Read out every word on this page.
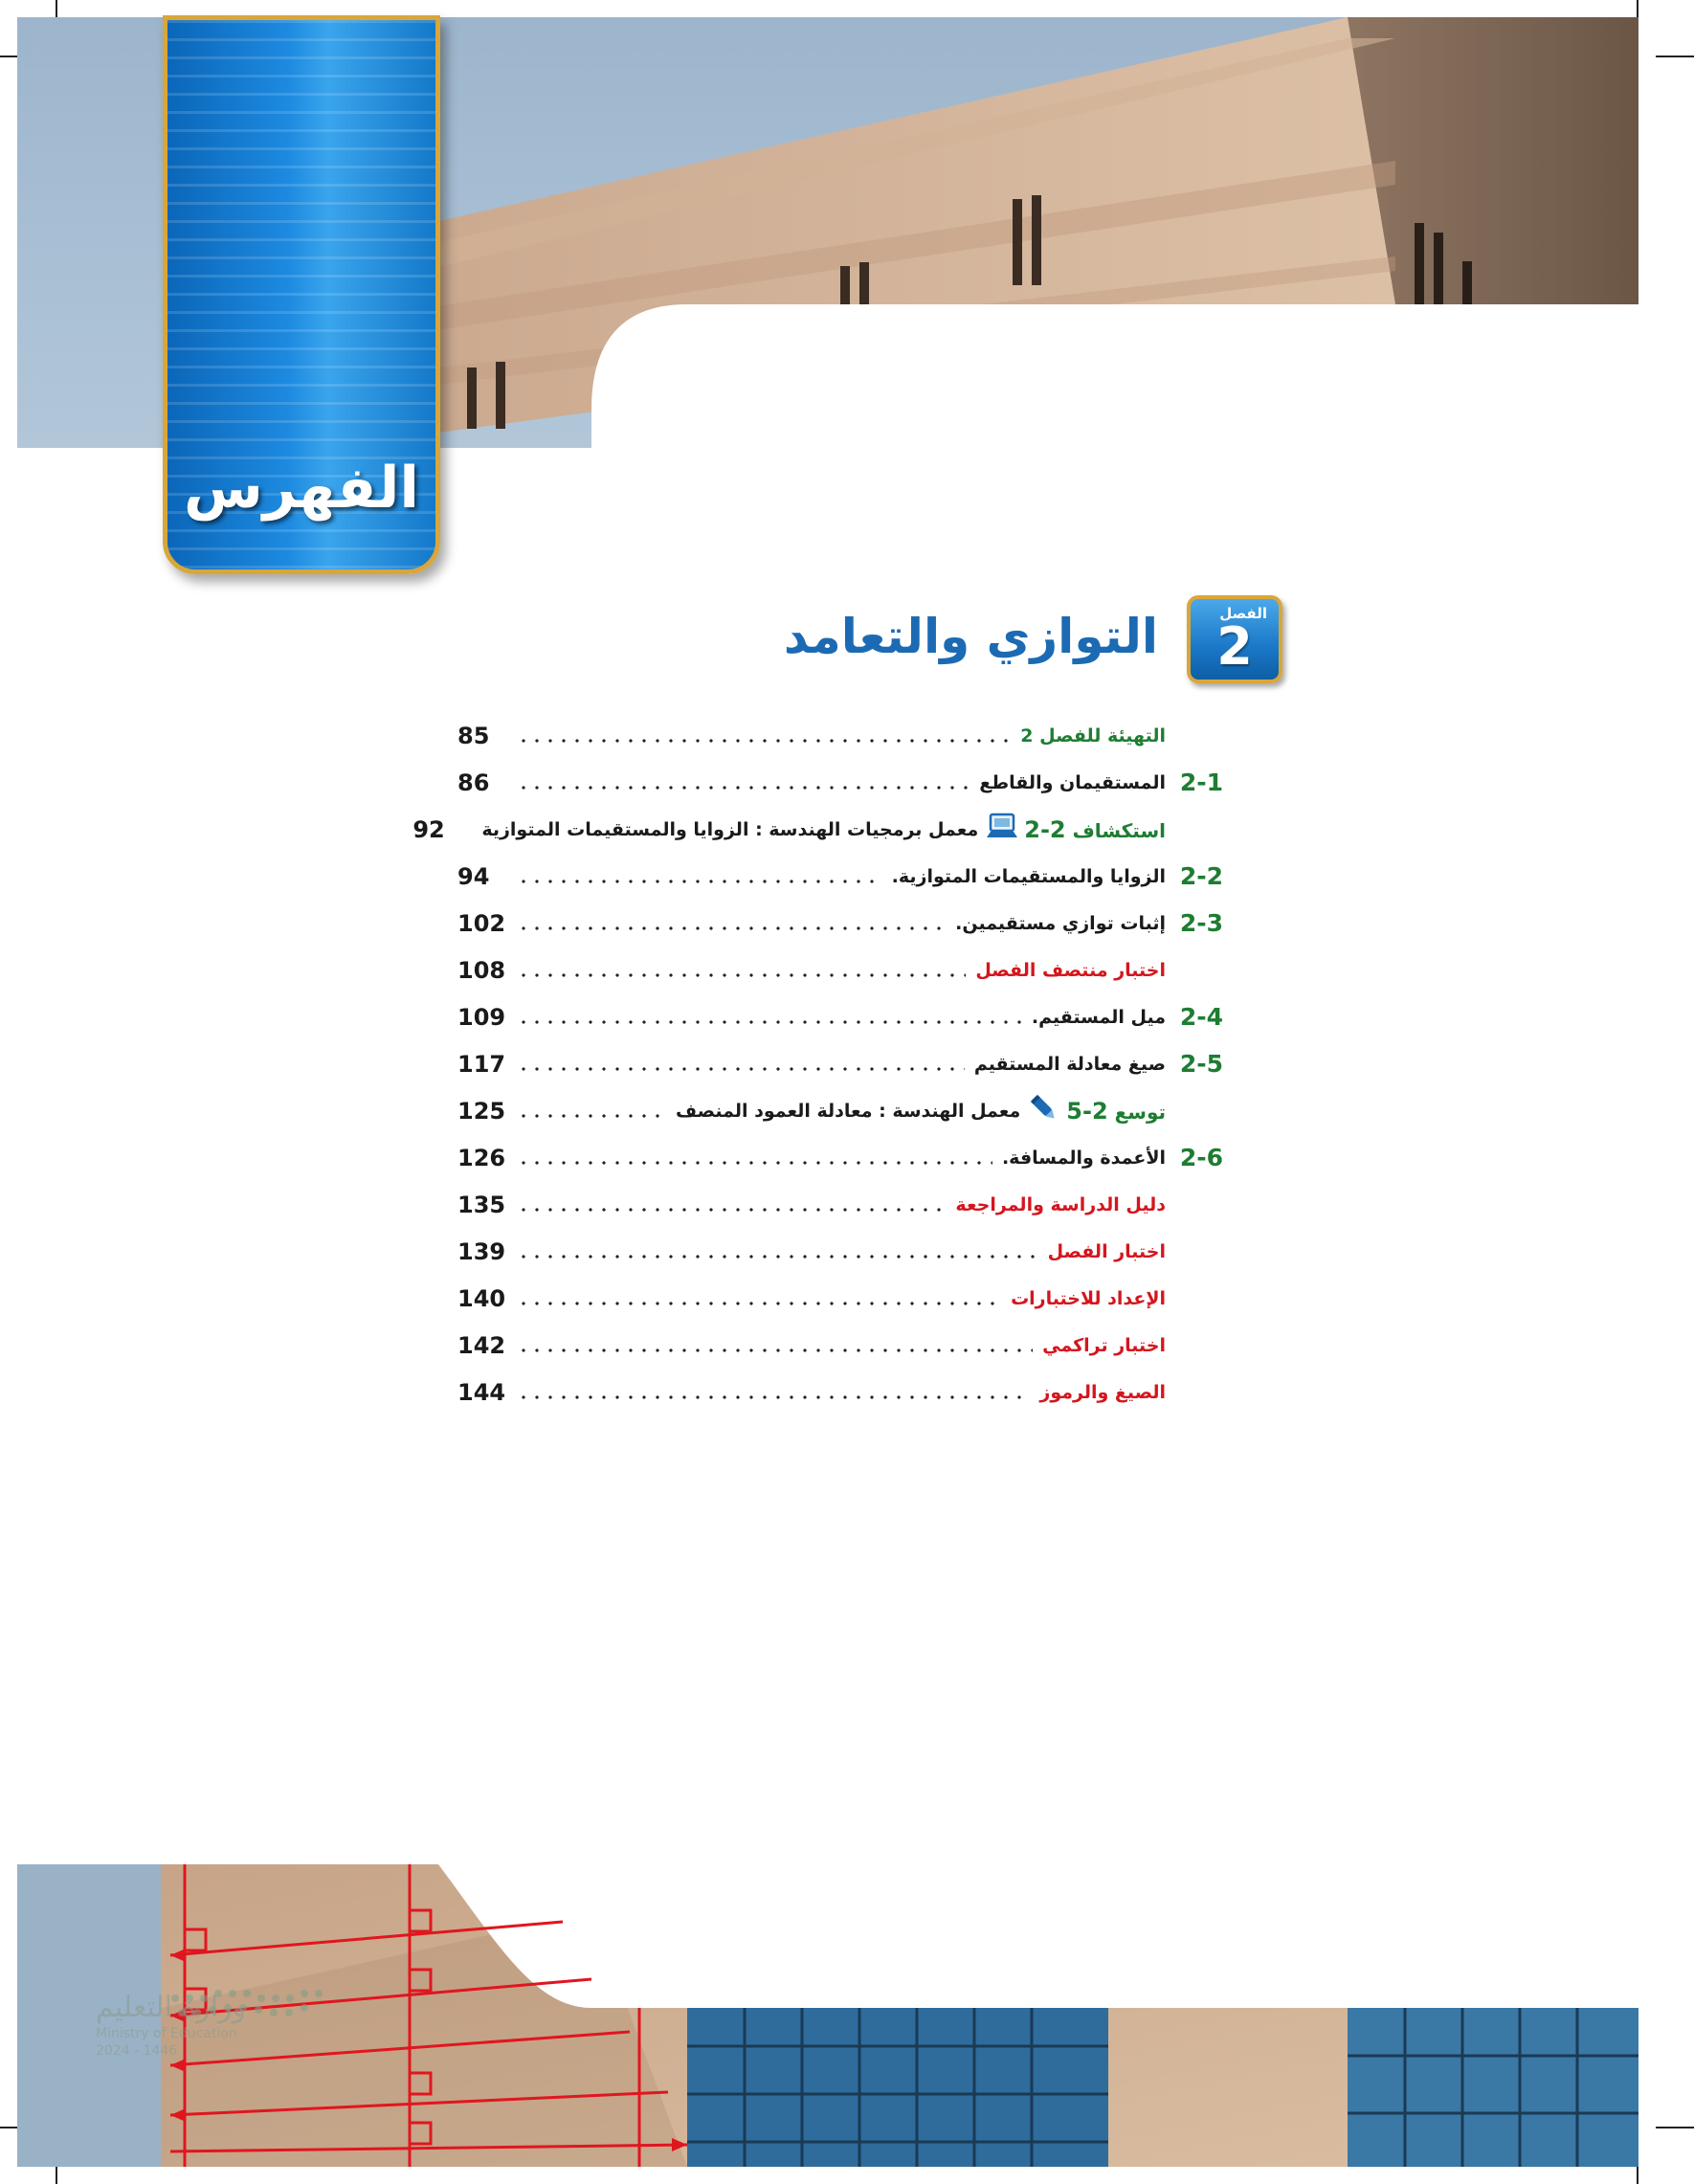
الفهرس
الفصل
2
التوازي والتعامد
التهيئة للفصل 2
85
2-1
المستقيمان والقاطع
86
استكشاف 2-2
معمل برمجيات الهندسة : الزوايا والمستقيمات المتوازية
92
2-2
الزوايا والمستقيمات المتوازية.
94
2-3
إثبات توازي مستقيمين.
102
اختبار منتصف الفصل
108
2-4
ميل المستقيم.
109
2-5
صيغ معادلة المستقيم
117
توسع 2-5
معمل الهندسة : معادلة العمود المنصف
125
2-6
الأعمدة والمسافة.
126
دليل الدراسة والمراجعة
135
اختبار الفصل
139
الإعداد للاختبارات
140
اختبار تراكمي
142
الصيغ والرموز
144
وزارة التعليم
Ministry of Education
2024 - 1446
